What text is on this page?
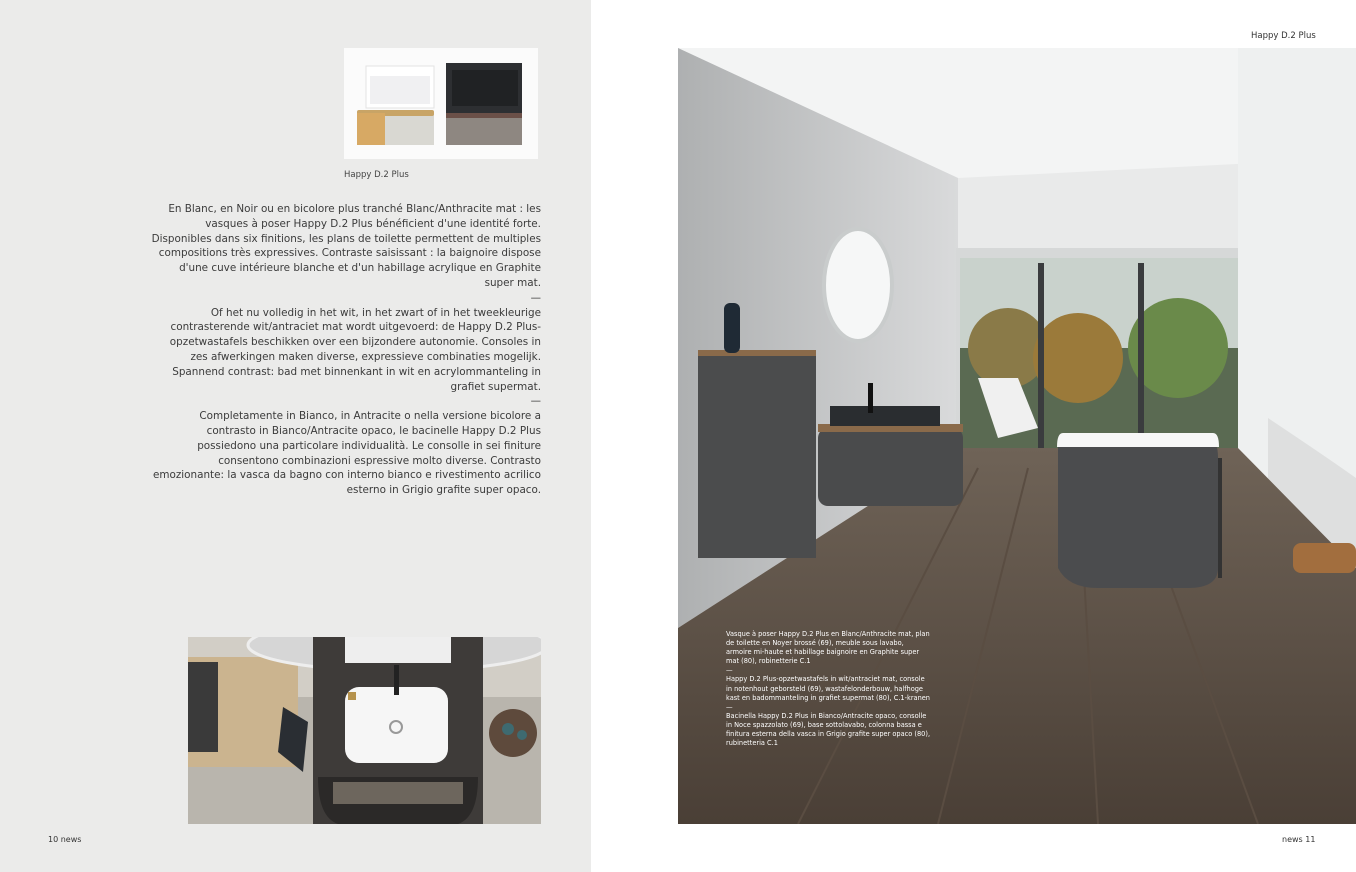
Happy D.2 Plus

En Blanc, en Noir ou en bicolore plus tranché Blanc/Anthracite mat : les vasques à poser Happy D.2 Plus bénéficient d'une identité forte. Disponibles dans six finitions, les plans de toilette permettent de multiples compositions très expressives. Contraste saisissant : la baignoire dispose d'une cuve intérieure blanche et d'un habillage acrylique en Graphite super mat.

—

Of het nu volledig in het wit, in het zwart of in het tweekleurige contrasterende wit/antraciet mat wordt uitgevoerd: de Happy D.2 Plus-opzetwastafels beschikken over een bijzondere autonomie. Consoles in zes afwerkingen maken diverse, expressieve combinaties mogelijk. Spannend contrast: bad met binnenkant in wit en acrylommanteling in grafiet supermat.

—

Completamente in Bianco, in Antracite o nella versione bicolore a contrasto in Bianco/Antracite opaco, le bacinelle Happy D.2 Plus possiedono una particolare individualità. Le consolle in sei finiture consentono combinazioni espressive molto diverse. Contrasto emozionante: la vasca da bagno con interno bianco e rivestimento acrilico esterno in Grigio grafite super opaco.

10 news
Happy D.2 Plus

Vasque à poser Happy D.2 Plus en Blanc/Anthracite mat, plan de toilette en Noyer brossé (69), meuble sous lavabo, armoire mi-haute et habillage baignoire en Graphite super mat (80), robinetterie C.1

—

Happy D.2 Plus-opzetwastafels in wit/antraciet mat, console in notenhout geborsteld (69), wastafelonderbouw, halfhoge kast en badommanteling in grafiet supermat (80), C.1-kranen

—

Bacinella Happy D.2 Plus in Bianco/Antracite opaco, consolle in Noce spazzolato (69), base sottolavabo, colonna bassa e finitura esterna della vasca in Grigio grafite super opaco (80), rubinetteria C.1

news 11
